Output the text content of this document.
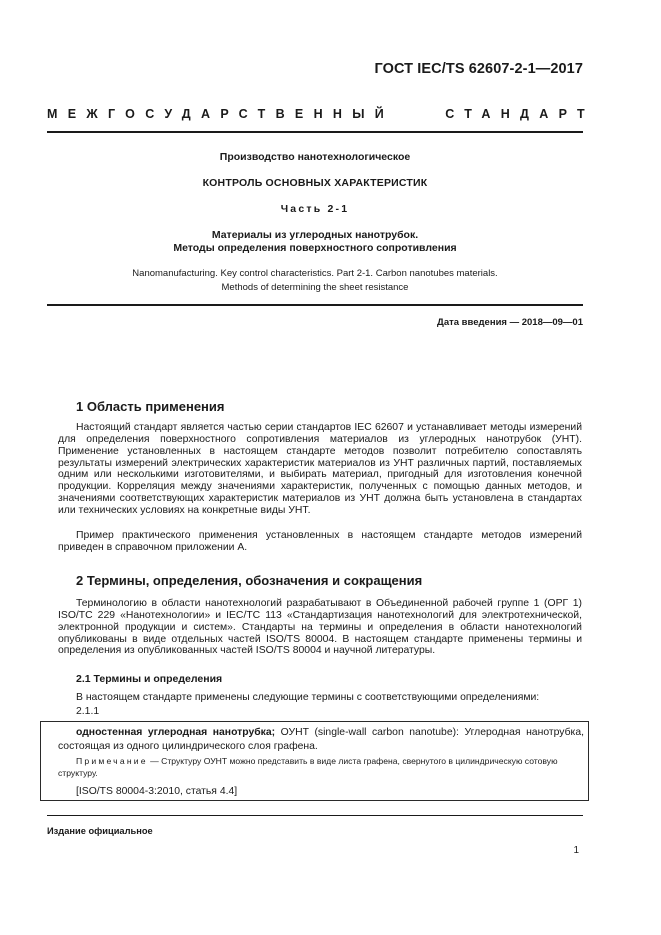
ГОСТ IEC/TS 62607-2-1—2017
МЕЖГОСУДАРСТВЕННЫЙ	СТАНДАРТ
Производство нанотехнологическое
КОНТРОЛЬ ОСНОВНЫХ ХАРАКТЕРИСТИК
Часть 2-1
Материалы из углеродных нанотрубок.
Методы определения поверхностного сопротивления
Nanomanufacturing. Key control characteristics. Part 2-1. Carbon nanotubes materials.
Methods of determining the sheet resistance
Дата введения — 2018—09—01
1 Область применения
Настоящий стандарт является частью серии стандартов IEC 62607 и устанавливает методы измерений для определения поверхностного сопротивления материалов из углеродных нанотрубок (УНТ). Применение установленных в настоящем стандарте методов позволит потребителю сопоставлять результаты измерений электрических характеристик материалов из УНТ различных партий, поставляемых одним или несколькими изготовителями, и выбирать материал, пригодный для изготовления конечной продукции. Корреляция между значениями характеристик, полученных с помощью данных методов, и значениями соответствующих характеристик материалов из УНТ должна быть установлена в стандартах или технических условиях на конкретные виды УНТ.
Пример практического применения установленных в настоящем стандарте методов измерений приведен в справочном приложении А.
2 Термины, определения, обозначения и сокращения
Терминологию в области нанотехнологий разрабатывают в Объединенной рабочей группе 1 (ОРГ 1) ISO/TC 229 «Нанотехнологии» и IEC/TC 113 «Стандартизация нанотехнологий для электротехнической, электронной продукции и систем». Стандарты на термины и определения в области нанотехнологий опубликованы в виде отдельных частей ISO/TS 80004. В настоящем стандарте применены термины и определения из опубликованных частей ISO/TS 80004 и научной литературы.
2.1 Термины и определения
В настоящем стандарте применены следующие термины с соответствующими определениями:
2.1.1
одностенная углеродная нанотрубка; ОУНТ (single-wall carbon nanotube): Углеродная нанотрубка, состоящая из одного цилиндрического слоя графена.
Примечание — Структуру ОУНТ можно представить в виде листа графена, свернутого в цилиндрическую сотовую структуру.
[ISO/TS 80004-3:2010, статья 4.4]
Издание официальное
1
